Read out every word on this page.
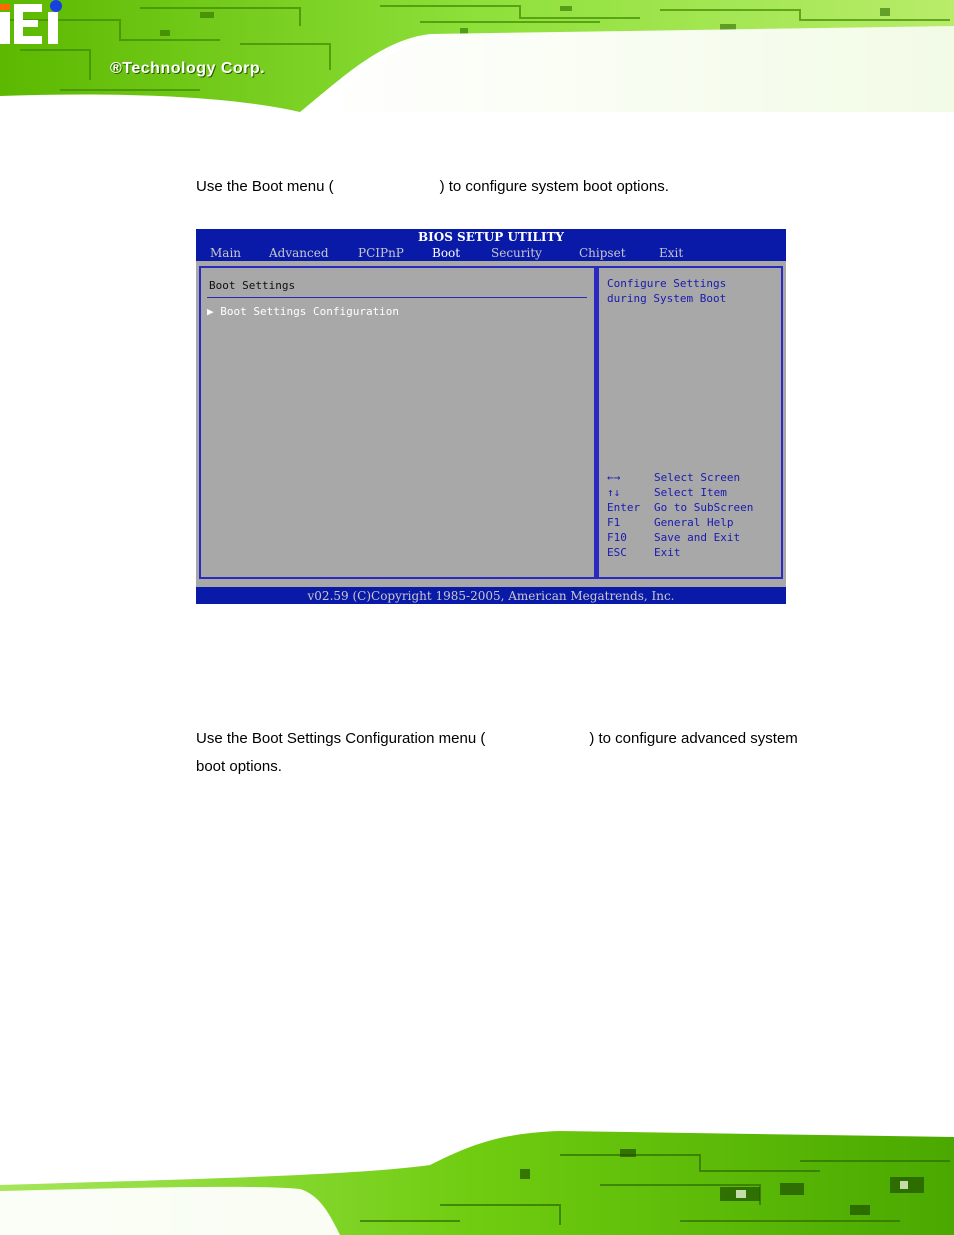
®Technology Corp.
Use the Boot menu (	) to configure system boot options.
BIOS SETUP UTILITY
Main Advanced PCIPnP Boot	Security	Chipset	Exit
Boot Settings
▶ Boot Settings Configuration
Configure Settings
during System Boot
←→	Select Screen
↑↓	Select Item
Enter Go to SubScreen
F1	General Help
F10 Save and Exit
ESC Exit
v02.59 (C)Copyright 1985-2005, American Megatrends, Inc.
Use the Boot Settings Configuration menu (	) to configure advanced system
boot options.
